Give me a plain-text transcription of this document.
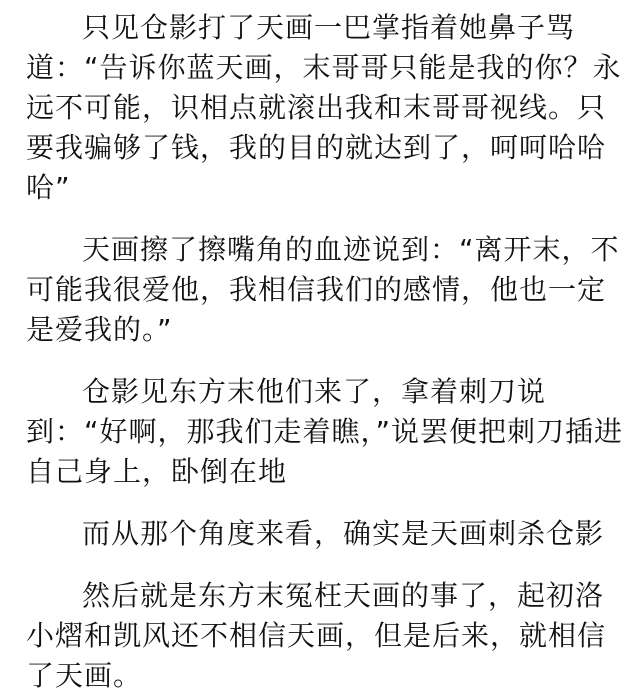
只见仓影打了天画一巴掌指着她鼻子骂道：“告诉你蓝天画，末哥哥只能是我的你？永远不可能，识相点就滚出我和末哥哥视线。只要我骗够了钱，我的目的就达到了，呵呵哈哈哈”

天画擦了擦嘴角的血迹说到：“离开末，不可能我很爱他，我相信我们的感情，他也一定是爱我的。”

仓影见东方末他们来了，拿着刺刀说到：“好啊，那我们走着瞧，”说罢便把刺刀插进自己身上，卧倒在地

而从那个角度来看，确实是天画刺杀仓影

然后就是东方末冤枉天画的事了，起初洛小熠和凯风还不相信天画，但是后来，就相信了天画。
